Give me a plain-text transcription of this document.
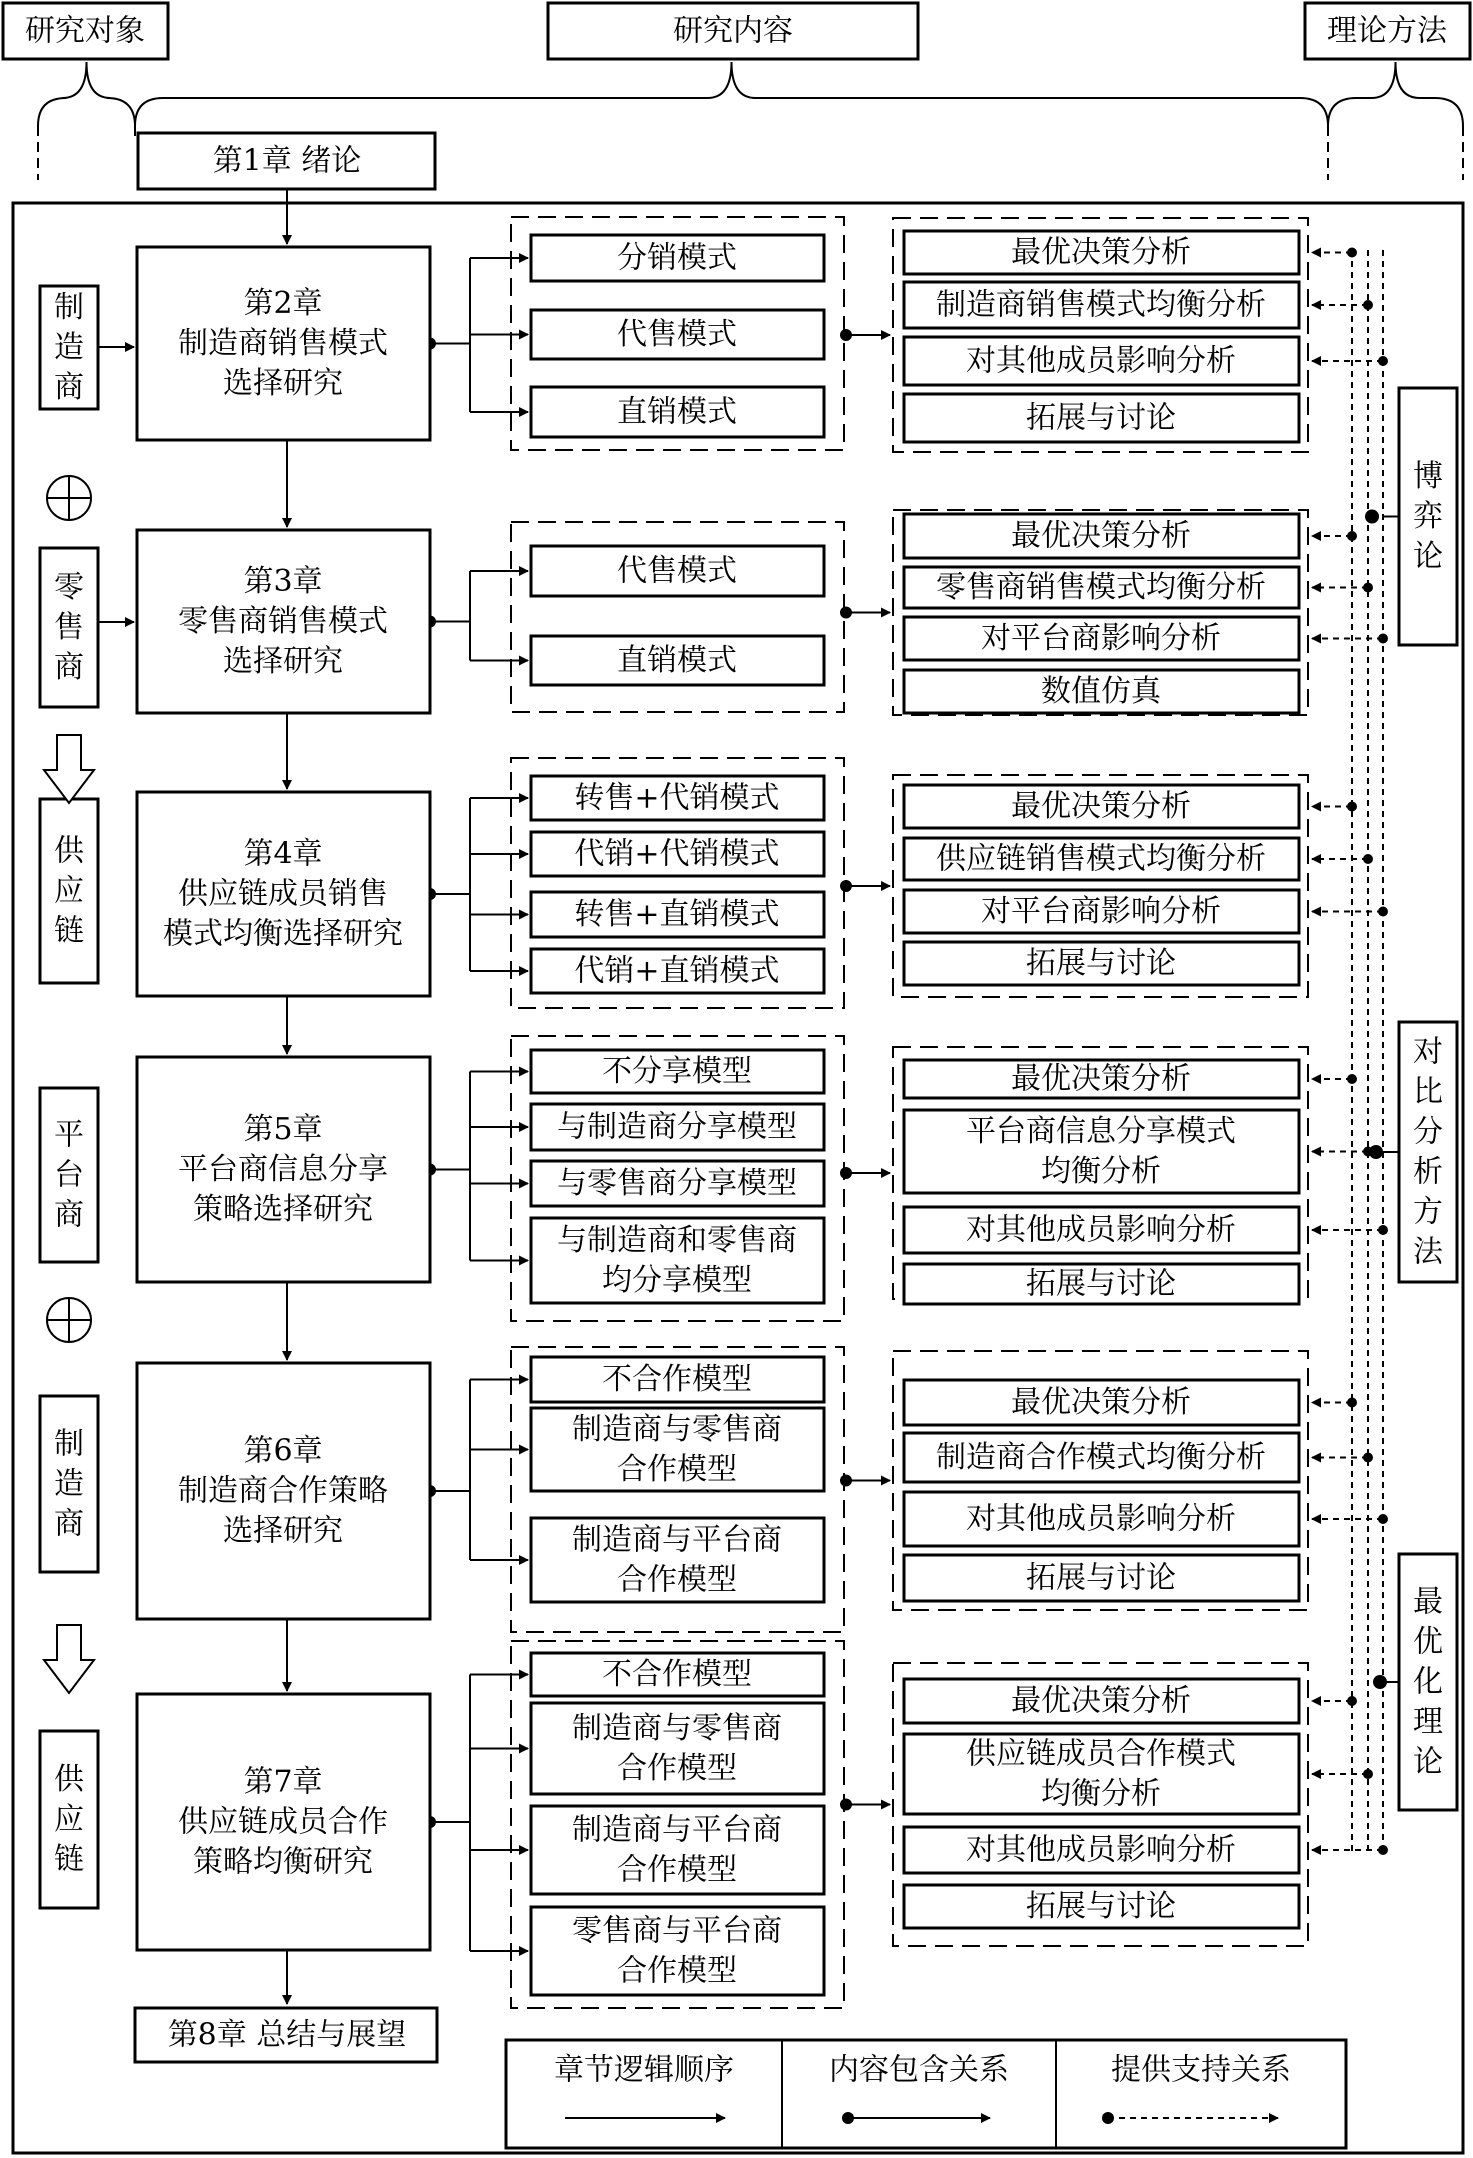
研究对象	研究内容	理论方法
第1章 绪论
第8章 总结与展望
制
造
商
零
售
商
供
应
链
平
台
商
制
造
商
供
应
链
第2章
制造商销售模式
选择研究
分销模式
代售模式
直销模式
最优决策分析
制造商销售模式均衡分析
对其他成员影响分析
拓展与讨论
第3章
零售商销售模式
选择研究
代售模式
直销模式
最优决策分析
零售商销售模式均衡分析
对平台商影响分析
数值仿真
第4章
供应链成员销售
模式均衡选择研究
转售+代销模式
代销+代销模式
转售+直销模式
代销+直销模式
最优决策分析
供应链销售模式均衡分析
对平台商影响分析
拓展与讨论
第5章
平台商信息分享
策略选择研究
不分享模型
与制造商分享模型
与零售商分享模型
与制造商和零售商
均分享模型
最优决策分析
平台商信息分享模式
均衡分析
对其他成员影响分析
拓展与讨论
第6章
制造商合作策略
选择研究
不合作模型
制造商与零售商
合作模型
制造商与平台商
合作模型
最优决策分析
制造商合作模式均衡分析
对其他成员影响分析
拓展与讨论
第7章
供应链成员合作
策略均衡研究
不合作模型
制造商与零售商
合作模型
制造商与平台商
合作模型
零售商与平台商
合作模型
最优决策分析
供应链成员合作模式
均衡分析
对其他成员影响分析
拓展与讨论
博
弈
论
对
比
分
析
方
法
最
优
化
理
论
章节逻辑顺序	内容包含关系	提供支持关系
